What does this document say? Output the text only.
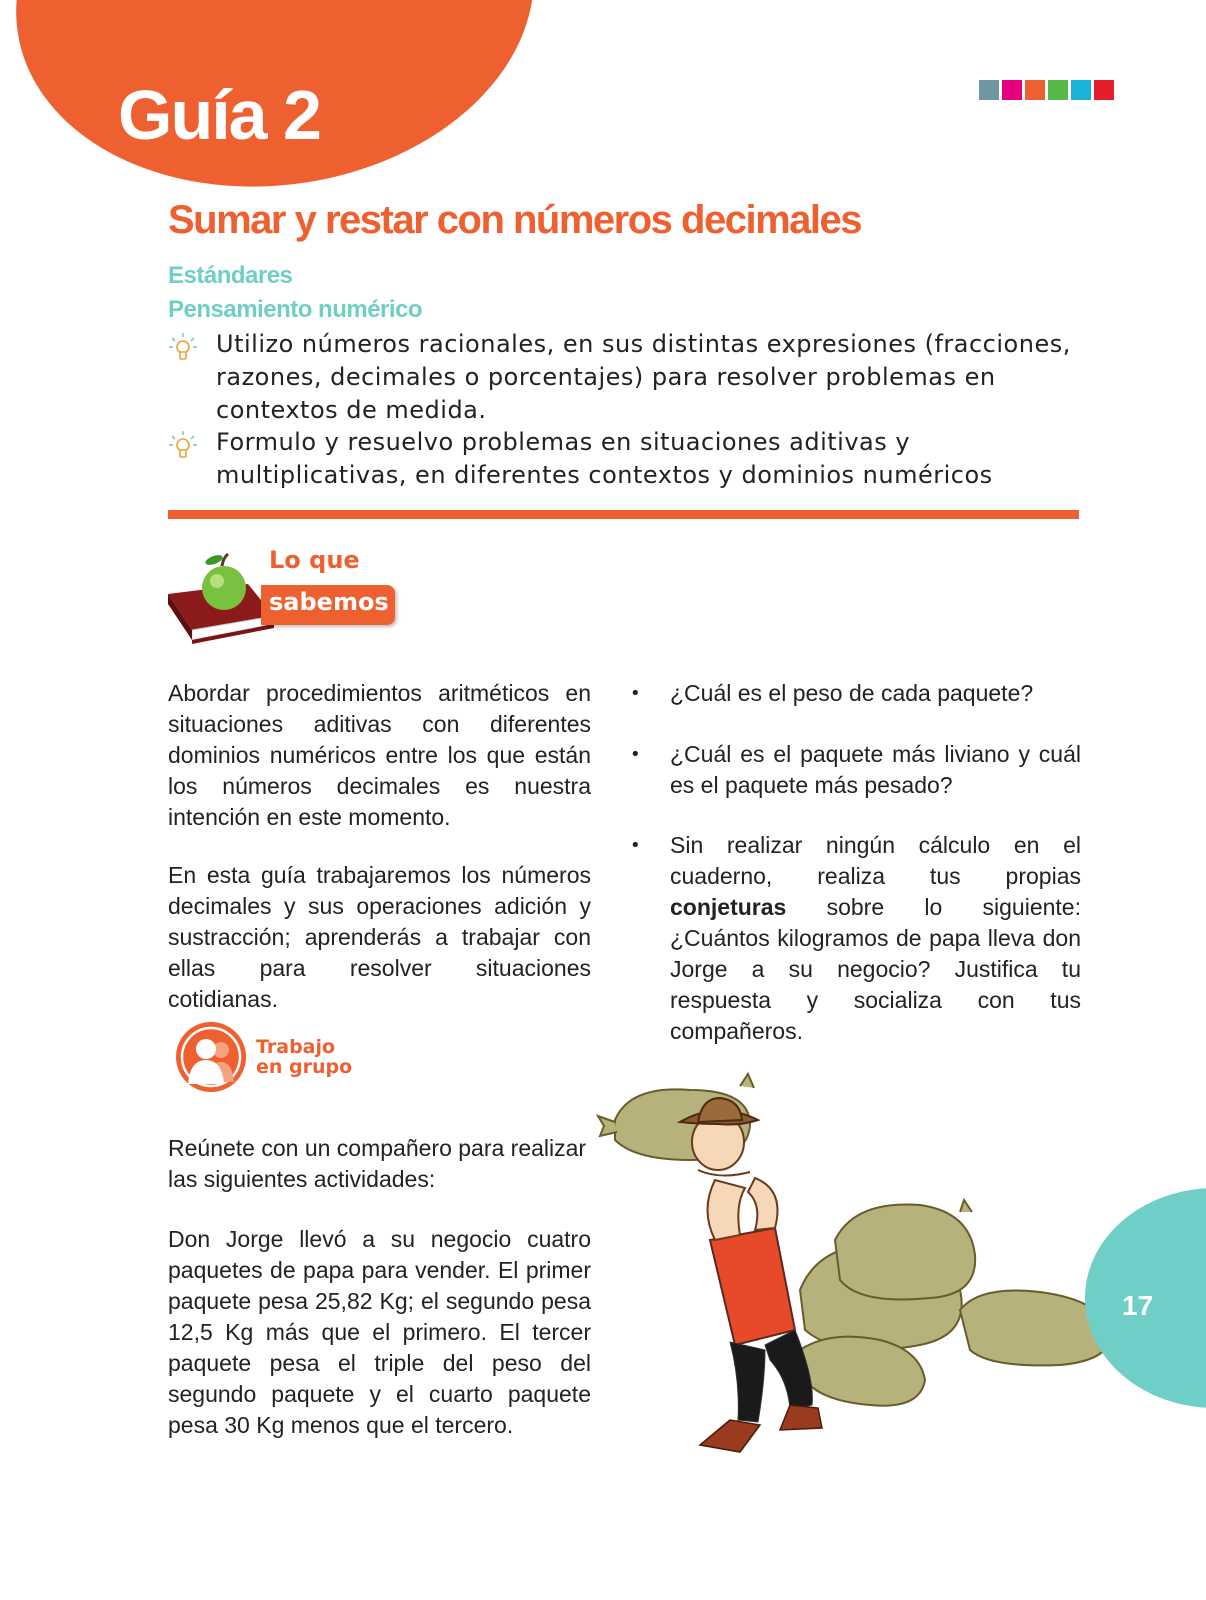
Guía 2
Sumar y restar con números decimales
Estándares
Pensamiento numérico
Utilizo números racionales, en sus distintas expresiones (fracciones, razones, decimales o porcentajes) para resolver problemas en contextos de medida.
Formulo y resuelvo problemas en situaciones aditivas y multiplicativas, en diferentes contextos y dominios numéricos
Lo que
sabemos

Abordar procedimientos aritméticos en situaciones aditivas con diferentes dominios numéricos entre los que están los números decimales es nuestra intención en este momento.

En esta guía trabajaremos los números decimales y sus operaciones adición y sustracción; aprenderás a trabajar con ellas para resolver situaciones cotidianas.

•	¿Cuál es el peso de cada paquete?
•	¿Cuál es el paquete más liviano y cuál es el paquete más pesado?
•	Sin realizar ningún cálculo en el cuaderno, realiza tus propias conjeturas sobre lo siguiente: ¿Cuántos kilogramos de papa lleva don Jorge a su negocio? Justifica tu respuesta y socializa con tus compañeros.
Trabajo
en grupo

Reúnete con un compañero para realizar las siguientes actividades:

Don Jorge llevó a su negocio cuatro paquetes de papa para vender. El primer paquete pesa 25,82 Kg; el segundo pesa 12,5 Kg más que el primero. El tercer paquete pesa el triple del peso del segundo paquete y el cuarto paquete pesa 30 Kg menos que el tercero.

17
